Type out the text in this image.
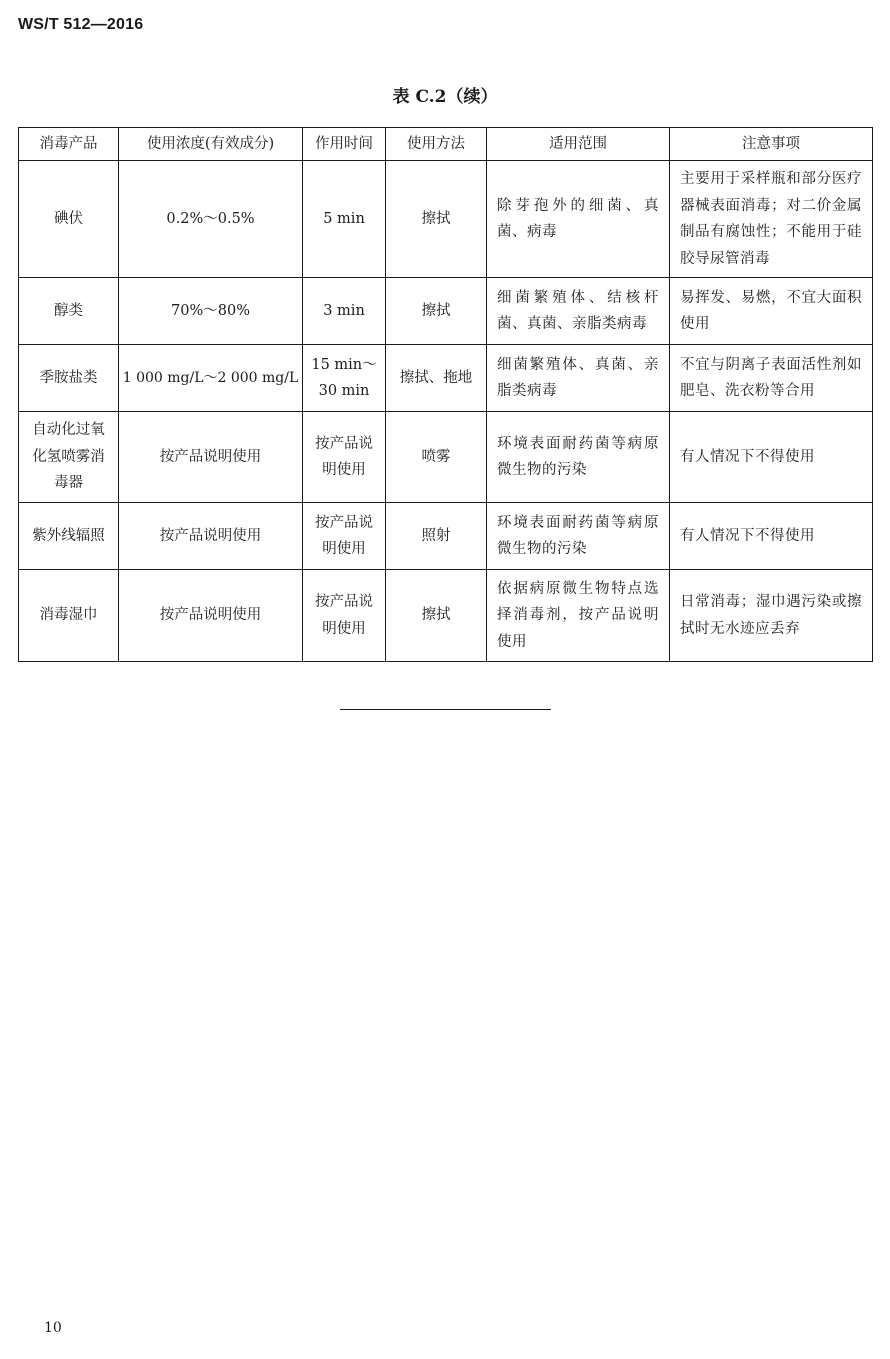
WS/T 512—2016
表 C.2（续）
消毒产品	使用浓度(有效成分)	作用时间	使用方法	适用范围	注意事项
碘伏	0.2%～0.5%	5 min	擦拭	除芽孢外的细菌、真菌、病毒	主要用于采样瓶和部分医疗器械表面消毒；对二价金属制品有腐蚀性；不能用于硅胶导尿管消毒
醇类	70%～80%	3 min	擦拭	细菌繁殖体、结核杆菌、真菌、亲脂类病毒	易挥发、易燃，不宜大面积使用
季胺盐类	1 000 mg/L～2 000 mg/L	15 min～30 min	擦拭、拖地	细菌繁殖体、真菌、亲脂类病毒	不宜与阴离子表面活性剂如肥皂、洗衣粉等合用
自动化过氧化氢喷雾消毒器	按产品说明使用	按产品说明使用	喷雾	环境表面耐药菌等病原微生物的污染	有人情况下不得使用
紫外线辐照	按产品说明使用	按产品说明使用	照射	环境表面耐药菌等病原微生物的污染	有人情况下不得使用
消毒湿巾	按产品说明使用	按产品说明使用	擦拭	依据病原微生物特点选择消毒剂，按产品说明使用	日常消毒；湿巾遇污染或擦拭时无水迹应丢弃
10
